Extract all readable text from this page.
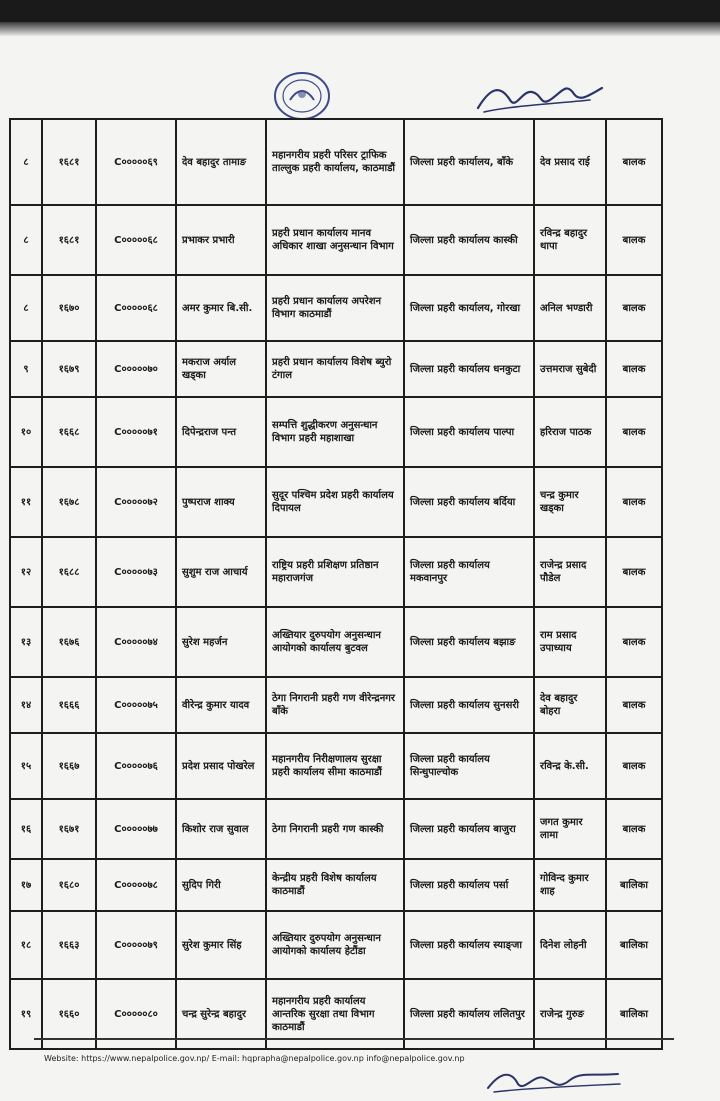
८	१६८१	C०००००६९	देव बहादुर तामाङ	महानगरीय प्रहरी परिसर ट्राफिक ताल्लुक प्रहरी कार्यालय, काठमाडौं	जिल्ला प्रहरी कार्यालय, बाँके	देव प्रसाद राई	बालक
८	१६८१	C०००००६८	प्रभाकर प्रभारी	प्रहरी प्रधान कार्यालय मानव अधिकार शाखा अनुसन्धान विभाग	जिल्ला प्रहरी कार्यालय कास्की	रविन्द्र बहादुर थापा	बालक
८	१६७०	C०००००६८	अमर कुमार बि.सी.	प्रहरी प्रधान कार्यालय अपरेशन विभाग काठमाडौं	जिल्ला प्रहरी कार्यालय, गोरखा	अनिल भण्डारी	बालक
९	१६७९	C०००००७०	मकराज अर्याल खड्का	प्रहरी प्रधान कार्यालय विशेष ब्युरो टंगाल	जिल्ला प्रहरी कार्यालय धनकुटा	उत्तमराज सुबेदी	बालक
१०	१६६८	C०००००७१	दिपेन्द्रराज पन्त	सम्पत्ति शुद्धीकरण अनुसन्धान विभाग प्रहरी महाशाखा	जिल्ला प्रहरी कार्यालय पाल्पा	हरिराज पाठक	बालक
११	१६७८	C०००००७२	पुष्पराज शाक्य	सुदूर पश्चिम प्रदेश प्रहरी कार्यालय दिपायल	जिल्ला प्रहरी कार्यालय बर्दिया	चन्द्र कुमार खड्का	बालक
१२	१६८८	C०००००७३	सुशुम राज आचार्य	राष्ट्रिय प्रहरी प्रशिक्षण प्रतिष्ठान महाराजगंज	जिल्ला प्रहरी कार्यालय मकवानपुर	राजेन्द्र प्रसाद पौडेल	बालक
१३	१६७६	C०००००७४	सुरेश महर्जन	अख्तियार दुरुपयोग अनुसन्धान आयोगको कार्यालय बुटवल	जिल्ला प्रहरी कार्यालय बझाङ	राम प्रसाद उपाध्याय	बालक
१४	१६६६	C०००००७५	वीरेन्द्र कुमार यादव	ठेगा निगरानी प्रहरी गण वीरेन्द्रनगर बाँके	जिल्ला प्रहरी कार्यालय सुनसरी	देव बहादुर बोहरा	बालक
१५	१६६७	C०००००७६	प्रदेश प्रसाद पोखरेल	महानगरीय निरीक्षणालय सुरक्षा प्रहरी कार्यालय सीमा काठमाडौं	जिल्ला प्रहरी कार्यालय सिन्धुपाल्चोक	रविन्द्र के.सी.	बालक
१६	१६७१	C०००००७७	किशोर राज सुवाल	ठेगा निगरानी प्रहरी गण कास्की	जिल्ला प्रहरी कार्यालय बाजुरा	जगत कुमार लामा	बालक
१७	१६८०	C०००००७८	सुदिप गिरी	केन्द्रीय प्रहरी विशेष कार्यालय काठमाडौं	जिल्ला प्रहरी कार्यालय पर्सा	गोविन्द कुमार शाह	बालिका
१८	१६६३	C०००००७९	सुरेश कुमार सिंह	अख्तियार दुरुपयोग अनुसन्धान आयोगको कार्यालय हेटौंडा	जिल्ला प्रहरी कार्यालय स्याङ्जा	दिनेश लोहनी	बालिका
१९	१६६०	C०००००८०	चन्द्र सुरेन्द्र बहादुर	महानगरीय प्रहरी कार्यालय आन्तरिक सुरक्षा तथा विभाग काठमाडौं	जिल्ला प्रहरी कार्यालय ललितपुर	राजेन्द्र गुरुङ	बालिका
Website: https://www.nepalpolice.gov.np/ E-mail: hqprapha@nepalpolice.gov.np info@nepalpolice.gov.np
